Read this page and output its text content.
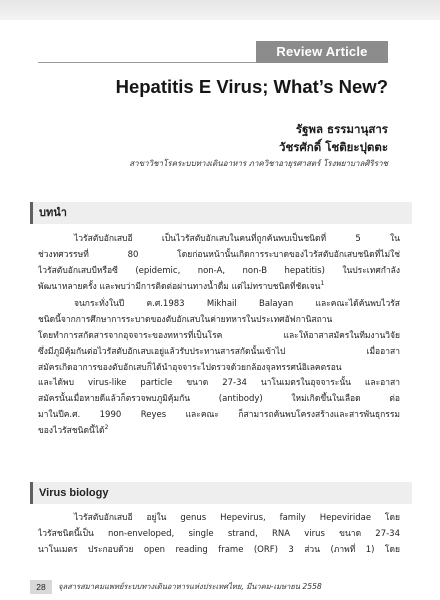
Review Article
Hepatitis E Virus; What’s New?
รัฐพล ธรรมานุสาร
วัชรศักดิ์ โชติยะปุตตะ
สาขาวิชาโรคระบบทางเดินอาหาร ภาควิชาอายุรศาสตร์ โรงพยาบาลศิริราช
บทนำ
ไวรัสตับอักเสบอี เป็นไวรัสตับอักเสบในคนที่ถูกค้นพบเป็นชนิดที่ 5 ใน
ช่วงทศวรรษที่ 80 โดยก่อนหน้านั้นเกิดการระบาดของไวรัสตับอักเสบชนิดที่ไม่ใช่
ไวรัสตับอักเสบบีหรือซี (epidemic, non-A, non-B hepatitis) ในประเทศกำลัง
พัฒนาหลายครั้ง และพบว่ามีการติดต่อผ่านทางน้ำดื่ม แต่ไม่ทราบชนิดที่ชัดเจน$^1$
จนกระทั่งในปี ค.ศ.1983 Mikhail Balayan และคณะได้ค้นพบไวรัส
ชนิดนี้จากการศึกษาการระบาดของตับอักเสบในค่ายทหารในประเทศอัฟกานิสถาน
โดยทำการสกัดสารจากอุจจาระของทหารที่เป็นโรค และให้อาสาสมัครในทีมงานวิจัย
ซึ่งมีภูมิคุ้มกันต่อไวรัสตับอักเสบเอยู่แล้วรับประทานสารสกัดนั้นเข้าไป เมื่ออาสา
สมัครเกิดอาการของตับอักเสบก็ได้นำอุจจาระไปตรวจด้วยกล้องจุลทรรศน์อิเลคตรอน
และได้พบ virus-like particle ขนาด 27-34 นาโนเมตรในอุจจาระนั้น และอาสา
สมัครนั้นเมื่อหายดีแล้วก็ตรวจพบภูมิคุ้มกัน (antibody) ใหม่เกิดขึ้นในเลือด ต่อ
มาในปีค.ศ. 1990 Reyes และคณะ ก็สามารถค้นพบโครงสร้างและสารพันธุกรรม
ของไวรัสชนิดนี้ได้$^2$
Virus biology
ไวรัสตับอักเสบอี อยู่ใน genus Hepevirus, family Hepeviridae โดย
ไวรัสชนิดนี้เป็น non-enveloped, single strand, RNA virus ขนาด 27-34
นาโนเมตร ประกอบด้วย open reading frame (ORF) 3 ส่วน (ภาพที่ 1) โดย
28	จุลสารสมาคมแพทย์ระบบทางเดินอาหารแห่งประเทศไทย, มีนาคม-เมษายน 2558
